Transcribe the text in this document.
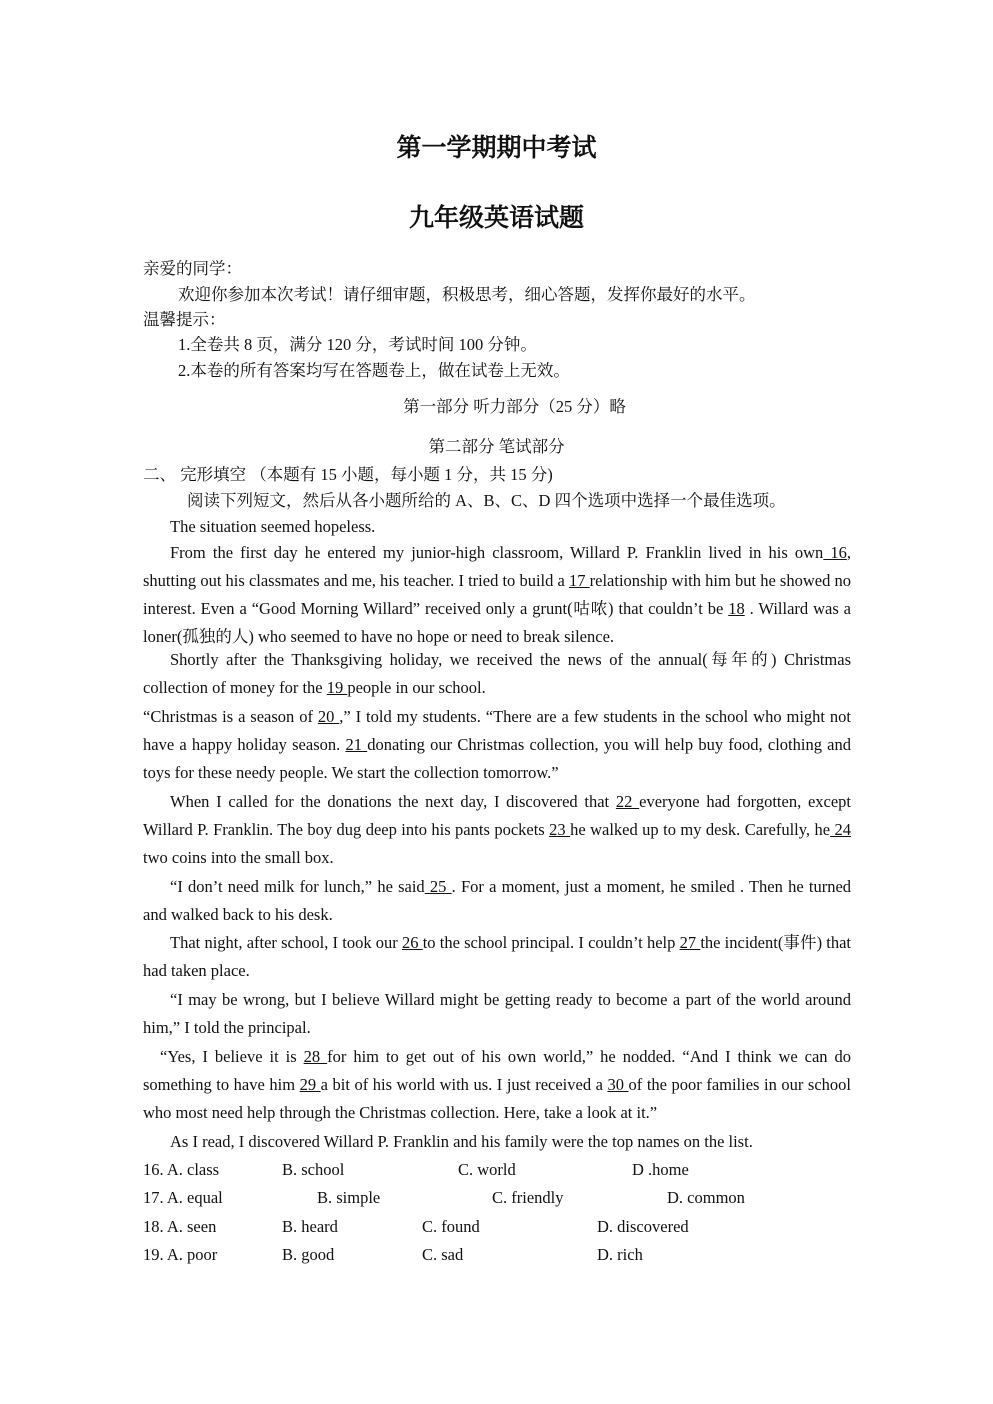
第一学期期中考试
九年级英语试题
亲爱的同学：
欢迎你参加本次考试！请仔细审题，积极思考，细心答题，发挥你最好的水平。
温馨提示：
1.全卷共 8 页，满分 120 分，考试时间 100 分钟。
2.本卷的所有答案均写在答题卷上，做在试卷上无效。
第一部分 听力部分（25 分）略
第二部分 笔试部分
二、 完形填空 （本题有 15 小题，每小题 1 分，共 15 分)
阅读下列短文，然后从各小题所给的 A、B、C、D 四个选项中选择一个最佳选项。
The situation seemed hopeless.
From the first day he entered my junior-high classroom, Willard P. Franklin lived in his own 16, shutting out his classmates and me, his teacher. I tried to build a 17 relationship with him but he showed no interest. Even a “Good Morning Willard” received only a grunt(咕哝) that couldn’t be 18 . Willard was a loner(孤独的人) who seemed to have no hope or need to break silence.
Shortly after the Thanksgiving holiday, we received the news of the annual(每年的) Christmas collection of money for the 19 people in our school.
“Christmas is a season of 20 ,” I told my students. “There are a few students in the school who might not have a happy holiday season. 21 donating our Christmas collection, you will help buy food, clothing and toys for these needy people. We start the collection tomorrow.”
When I called for the donations the next day, I discovered that 22 everyone had forgotten, except Willard P. Franklin. The boy dug deep into his pants pockets 23 he walked up to my desk. Carefully, he 24 two coins into the small box.
“I don’t need milk for lunch,” he said 25 . For a moment, just a moment, he smiled . Then he turned and walked back to his desk.
That night, after school, I took our 26 to the school principal. I couldn’t help 27 the incident(事件) that had taken place.
“I may be wrong, but I believe Willard might be getting ready to become a part of the world around him,” I told the principal.
“Yes, I believe it is 28 for him to get out of his own world,” he nodded. “And I think we can do something to have him 29 a bit of his world with us. I just received a 30 of the poor families in our school who most need help through the Christmas collection. Here, take a look at it.”
As I read, I discovered Willard P. Franklin and his family were the top names on the list.
16. A. class	B. school	C. world	D .home
17. A. equal	B. simple	C. friendly	D. common
18. A. seen	B. heard	C. found	D. discovered
19. A. poor	B. good	C. sad	D. rich
